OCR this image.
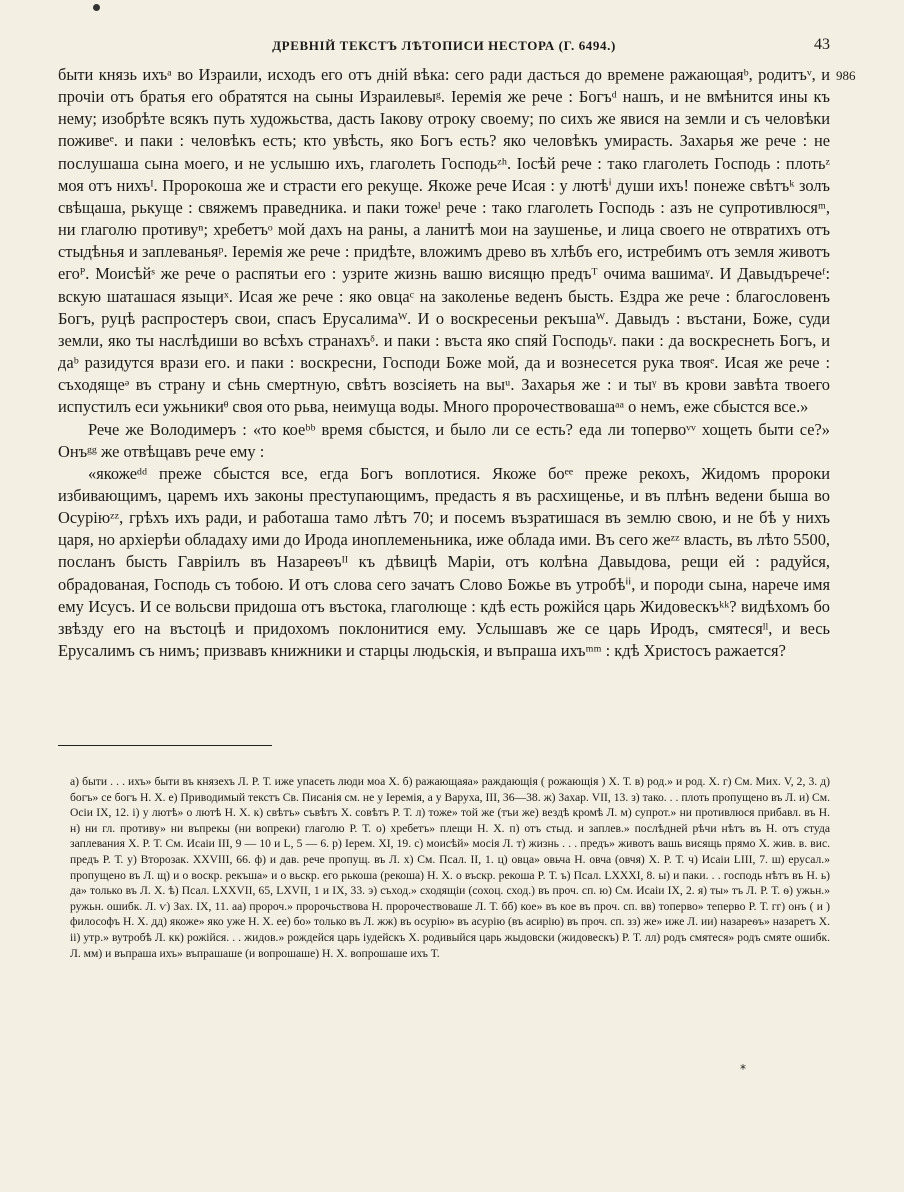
ДРЕВНІЙ ТЕКСТЪ ЛѢТОПИСИ НЕСТОРА (Г. 6494.)	43
986

быти князь ихъᵃ во Израили, исходъ его отъ дній вѣка: сего ради дасться до времене ражающаяᵇ, родитъᵛ, и прочіи отъ братья его обратятся на сыны Израилевыᵍ. Іеремія же рече : Богъᵈ нашъ, и не вмѣнится ины къ нему; изобрѣте всякъ путь художьства, дасть Іакову отроку своему; по сихъ же явися на земли и съ человѣки поживеᵉ. и паки : человѣкъ есть; кто увѣсть, яко Богъ есть? яко человѣкъ умирасть. Захарья же рече : не послушаша сына моего, и не услышю ихъ, глаголеть Господьᶻʰ. Іосѣй рече : тако глаголеть Господь : плотьᶻ моя отъ нихъᴵ. Пророкоша же и страсти его рекуще. Якоже рече Исая : у лютѣⁱ души ихъ! понеже свѣтъᵏ золъ свѣщаша, рькуще : свяжемъ праведника. и паки тожеˡ рече : тако глаголеть Господь : азъ не супротивлюсяᵐ, ни глаголю противуⁿ; хребетъᵒ мой дахъ на раны, а ланитѣ мои на заушенье, и лица своего не отвратихъ отъ стыдѣнья и заплеваньяᵖ. Іеремія же рече : придѣте, вложимъ древо въ хлѣбъ его, истребимъ отъ земля животъ егоᴾ. Моисѣйˢ же рече о распятьи его : узрите жизнь вашю висящю предъᵀ очима вашимаᵞ. И Давыдъречеᶠ: вскую шаташася языциˣ. Исая же рече : яко овцаᶜ на заколенье веденъ бысть. Ездра же рече : благословенъ Богъ, руцѣ распростеръ свои, спасъ Ерусалимаᵂ. И о воскресеньи рекъшаᵂ. Давыдъ : въстани, Боже, суди земли, яко ты наслѣдиши во всѣхъ странахъᵟ. и паки : въста яко спяй Господьᵞ. паки : да воскреснеть Богъ, и даᵇ разидутся врази его. и паки : воскресни, Господи Боже мой, да и вознесется рука твояᵉ. Исая же рече : съходящеᵊ въ страну и сѣнь смертную, свѣтъ возсіяеть на выᵘ. Захарья же : и тыᵞ въ крови завѣта твоего испустилъ еси ужьникиᶿ своя ото рьва, неимуща воды. Много пророчествовашаᵃᵃ о немъ, еже сбыстся все.»

Рече же Володимеръ : «то коеᵇᵇ время сбыстся, и было ли се есть? еда ли топервоᵛᵛ хощеть быти се?» Онъᵍᵍ же отвѣщавъ рече ему :

«якожеᵈᵈ преже сбыстся все, егда Богъ воплотися. Якоже боᵉᵉ преже рекохъ, Жидомъ пророки избивающимъ, царемъ ихъ законы преступающимъ, предасть я въ расхищенье, и въ плѣнъ ведени быша во Осуріюᶻᶻ, грѣхъ ихъ ради, и работаша тамо лѣтъ 70; и посемъ възратишася въ землю свою, и не бѣ у нихъ царя, но архіерѣи обладаху ими до Ирода иноплеменьника, иже облада ими. Въ сего жеᶻᶻ власть, въ лѣто 5500, посланъ бысть Гавріилъ въ Назареѳъᴵᴵ къ дѣвицѣ Маріи, отъ колѣна Давыдова, рещи ей : радуйся, обрадованая, Господь съ тобою. И отъ слова сего зачатъ Слово Божье въ утробѣⁱⁱ, и породи сына, нарече имя ему Исусъ. И се вольсви придоша отъ въстока, глаголюще : кдѣ есть рожійся царь Жидовескъᵏᵏ? видѣхомъ бо звѣзду его на въстоцѣ и придохомъ поклонитися ему. Услышавъ же се царь Иродъ, смятесяˡˡ, и весь Ерусалимъ съ нимъ; призвавъ книжники и старцы людьскія, и въпраша ихъᵐᵐ : кдѣ Христосъ ражается?

а) быти . . . ихъ» быти въ князехъ Л. Р. Т. иже упасеть люди моа Х. б) ражающаяа» раждающія ( рожающія ) Х. Т. в) род.» и род. Х. г) См. Мих. V, 2, 3. д) богъ» се богъ Н. Х. е) Приводимый текстъ Св. Писанія см. не у Іеремія, а у Варуха, III, 36—38. ж) Захар. VII, 13. з) тако. . . плоть пропущено въ Л. и) См. Осіи IX, 12. і) у лютѣ» о лютѣ Н. Х. к) свѣтъ» съвѣтъ Х. совѣтъ Р. Т. л) тоже» той же (тъи же) вездѣ кромѣ Л. м) супрот.» ни противлюся прибавл. въ Н. н) ни гл. противу» ни въпрекы (ни вопреки) глаголю Р. Т. о) хребетъ» плещи Н. Х. п) отъ стыд. и заплев.» послѣдней рѣчи нѣтъ въ Н. отъ студа заплевания Х. Р. Т. См. Исаіи III, 9 — 10 и L, 5 — 6. р) Iерем. XI, 19. с) моисѣй» мосія Л. т) жизнь . . . предъ» животъ вашь висящь прямо Х. жив. в. вис. предъ Р. Т. у) Второзак. XXVIII, 66. ф) и дав. рече пропущ. въ Л. х) См. Псал. II, 1. ц) овца» овьча Н. овча (овчя) Х. Р. Т. ч) Исаіи LIII, 7. ш) ерусал.» пропущено въ Л. щ) и о воскр. рекъша» и о вьскр. его рькоша (рекоша) Н. Х. о въскр. рекоша Р. Т. ъ) Псал. LXXXI, 8. ы) и паки. . . господь нѣтъ въ Н. ь) да» только въ Л. Х. ѣ) Псал. LXXVII, 65, LXVII, 1 и IX, 33. э) съход.» сходящіи (сохоц. сход.) въ проч. сп. ю) См. Исаіи IX, 2. я) ты» тъ Л. Р. Т. ѳ) ужьн.» ружьн. ошибк. Л. ѵ) Зах. IX, 11. аа) пророч.» пророчьствова Н. пророчествоваше Л. Т. бб) кое» въ кое въ проч. сп. вв) топерво» теперво Р. Т. гг) онъ ( и ) философъ Н. Х. дд) якоже» яко уже Н. Х. ее) бо» только въ Л. жж) въ осурію» въ асурію (въ асирію) въ проч. сп. зз) же» иже Л. ии) назареѳъ» назаретъ Х. іі) утр.» вутробѣ Л. кк) рожійся. . . жидов.» рождейся царь іудейскъ Х. родивыйся царь жыдовски (жидовескъ) Р. Т. лл) родъ смятеся» родъ смяте ошибк. Л. мм) и въпраша ихъ» въпрашаше (и вопрошаше) Н. Х. вопрошаше ихъ Т.

*
